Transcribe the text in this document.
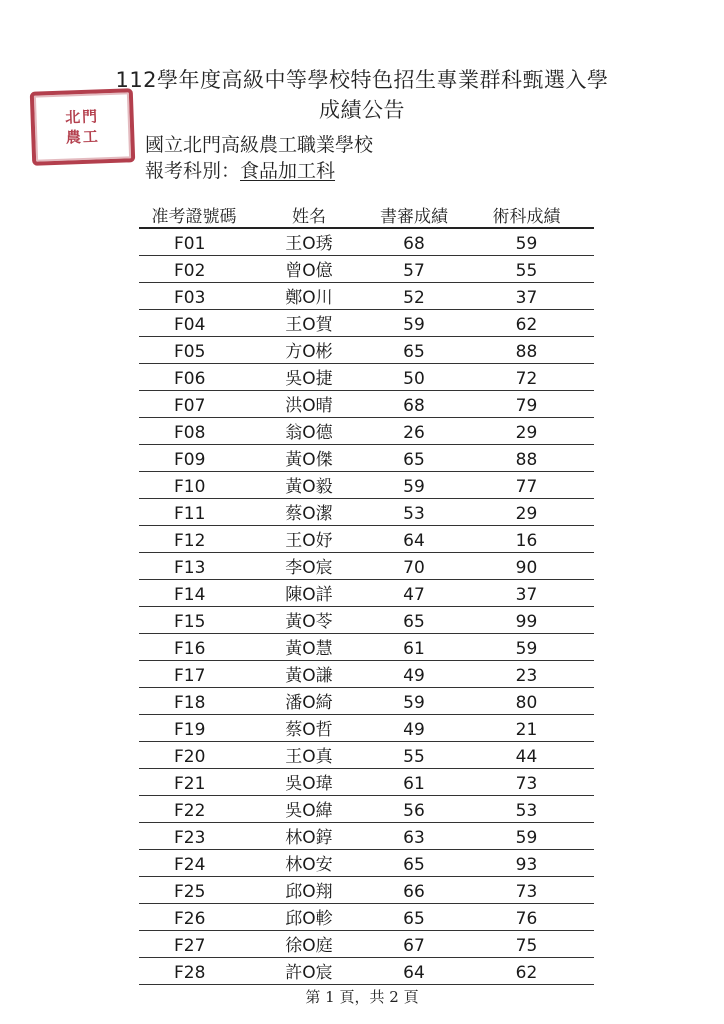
北門
農工
112學年度高級中等學校特色招生專業群科甄選入學
成績公告
國立北門高級農工職業學校
報考科別：食品加工科
准考證號碼	姓名	書審成績	術科成績
F01	王O琇	68	59
F02	曾O億	57	55
F03	鄭O川	52	37
F04	王O賀	59	62
F05	方O彬	65	88
F06	吳O捷	50	72
F07	洪O晴	68	79
F08	翁O德	26	29
F09	黃O傑	65	88
F10	黃O毅	59	77
F11	蔡O潔	53	29
F12	王O妤	64	16
F13	李O宸	70	90
F14	陳O詳	47	37
F15	黃O苓	65	99
F16	黃O慧	61	59
F17	黃O謙	49	23
F18	潘O綺	59	80
F19	蔡O哲	49	21
F20	王O真	55	44
F21	吳O瑋	61	73
F22	吳O緯	56	53
F23	林O錞	63	59
F24	林O安	65	93
F25	邱O翔	66	73
F26	邱O軫	65	76
F27	徐O庭	67	75
F28	許O宸	64	62
第 1 頁，共 2 頁
